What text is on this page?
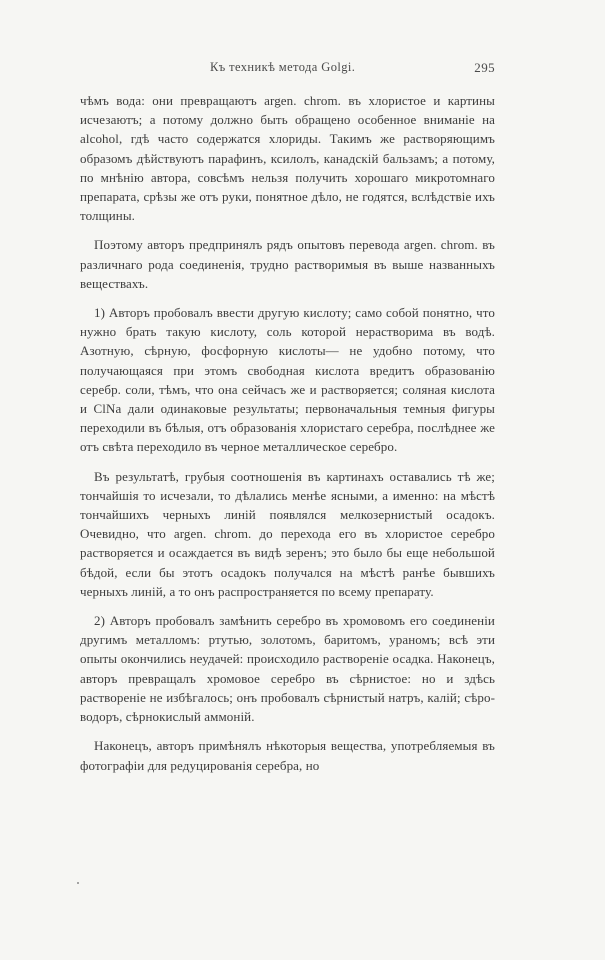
Къ техникѣ метода Golgi.	295

чѣмъ вода: они превращаютъ argen. chrom. въ хлористое и картины исчезаютъ; а потому должно быть обращено особенное вниманіе на alcohol, гдѣ часто содержатся хлориды. Такимъ же растворяющимъ образомъ дѣйствуютъ парафинъ, ксилолъ, канадскій бальзамъ; а потому, по мнѣнію автора, совсѣмъ нельзя получить хорошаго микротомнаго препарата, срѣзы же отъ руки, понятное дѣло, не годятся, вслѣдствіе ихъ толщины.

Поэтому авторъ предпринялъ рядъ опытовъ перевода argen. chrom. въ различнаго рода соединенія, трудно растворимыя въ выше названныхъ веществахъ.

1) Авторъ пробовалъ ввести другую кислоту; само собой понятно, что нужно брать такую кислоту, соль которой нерастворима въ водѣ. Азотную, сѣрную, фосфорную кислоты— не удобно потому, что получающаяся при этомъ свободная кислота вредитъ образованію серебр. соли, тѣмъ, что она сейчасъ же и растворяется; соляная кислота и ClNa дали одинаковые результаты; первоначальныя темныя фигуры переходили въ бѣлыя, отъ образованія хлористаго серебра, послѣднее же отъ свѣта переходило въ черное металлическое серебро.

Въ результатѣ, грубыя соотношенія въ картинахъ оставались тѣ же; тончайшія то исчезали, то дѣлались менѣе ясными, а именно: на мѣстѣ тончайшихъ черныхъ линій появлялся мелкозернистый осадокъ. Очевидно, что argen. chrom. до перехода его въ хлористое серебро растворяется и осаждается въ видѣ зеренъ; это было бы еще небольшой бѣдой, если бы этотъ осадокъ получался на мѣстѣ ранѣе бывшихъ черныхъ линій, а то онъ распространяется по всему препарату.

2) Авторъ пробовалъ замѣнить серебро въ хромовомъ его соединеніи другимъ металломъ: ртутью, золотомъ, баритомъ, ураномъ; всѣ эти опыты окончились неудачей: происходило раствореніе осадка. Наконецъ, авторъ превращалъ хромовое серебро въ сѣрнистое: но и здѣсь раствореніе не избѣгалось; онъ пробовалъ сѣрнистый натръ, калій; сѣро-водоръ, сѣрнокислый аммоній.

Наконецъ, авторъ примѣнялъ нѣкоторыя вещества, употребляемыя въ фотографіи для редуцированія серебра, но
